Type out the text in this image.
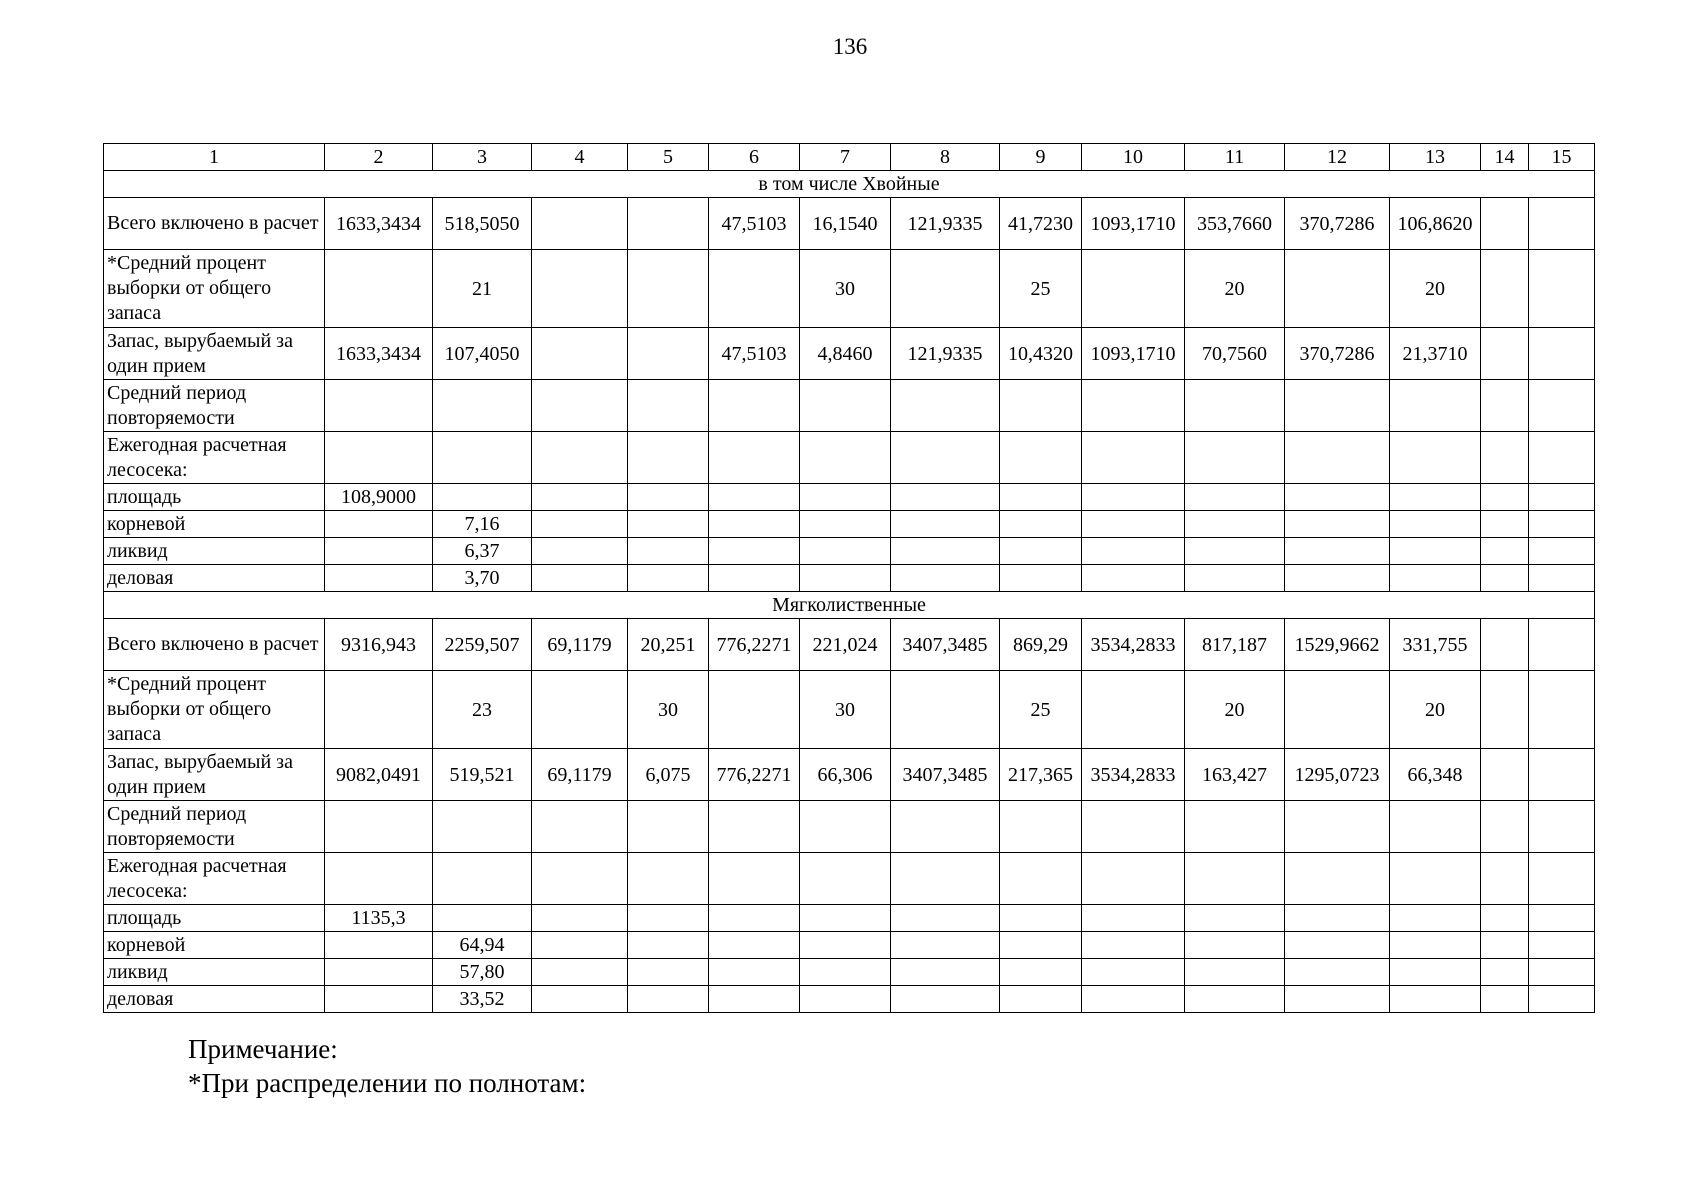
136
1	2	3	4	5	6	7	8	9	10	11	12	13	14	15
в том числе Хвойные														
Всего включено в расчет	1633,3434	518,5050			47,5103	16,1540	121,9335	41,7230	1093,1710	353,7660	370,7286	106,8620		
*Средний процент выборки от общего запаса		21				30		25		20		20		
Запас, вырубаемый за один прием	1633,3434	107,4050			47,5103	4,8460	121,9335	10,4320	1093,1710	70,7560	370,7286	21,3710		
Средний период повторяемости														
Ежегодная расчетная лесосека:														
площадь	108,9000													
корневой		7,16												
ликвид		6,37												
деловая		3,70												
Мягколиственные														
Всего включено в расчет	9316,943	2259,507	69,1179	20,251	776,2271	221,024	3407,3485	869,29	3534,2833	817,187	1529,9662	331,755		
*Средний процент выборки от общего запаса		23		30		30		25		20		20		
Запас, вырубаемый за один прием	9082,0491	519,521	69,1179	6,075	776,2271	66,306	3407,3485	217,365	3534,2833	163,427	1295,0723	66,348		
Средний период повторяемости														
Ежегодная расчетная лесосека:														
площадь	1135,3													
корневой		64,94												
ликвид		57,80												
деловая		33,52												
Примечание:
*При распределении по полнотам:
